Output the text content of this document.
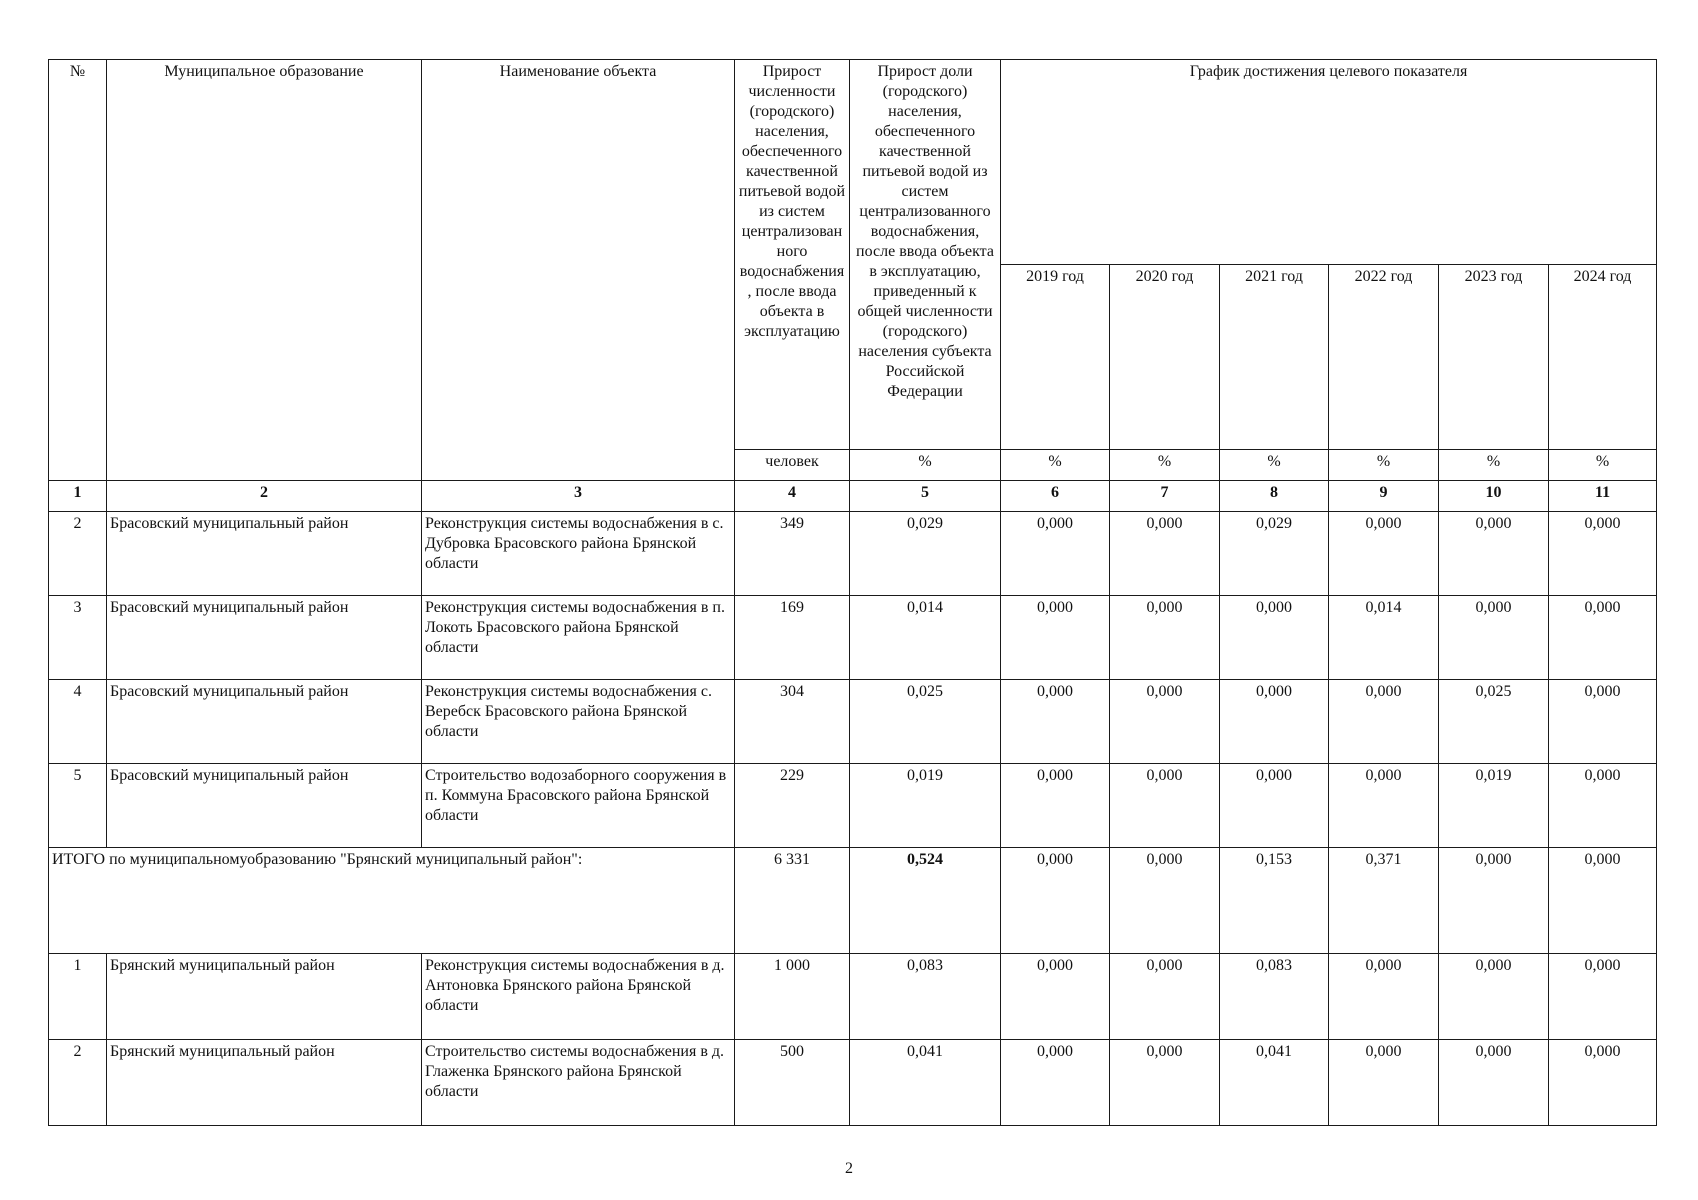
№	Муниципальное образование	Наименование объекта	Прирост численности (городского) населения, обеспеченного качественной питьевой водой из систем централизован ного водоснабжения , после ввода объекта в эксплуатацию	Прирост доли (городского) населения, обеспеченного качественной питьевой водой из систем централизованного водоснабжения, после ввода объекта в эксплуатацию, приведенный к общей численности (городского) населения субъекта Российской Федерации	График достижения целевого показателя					
					2019 год	2020 год	2021 год	2022 год	2023 год	2024 год
			человек	%	%	%	%	%	%	%
1	2	3	4	5	6	7	8	9	10	11
2	Брасовский муниципальный район	Реконструкция системы водоснабжения в с. Дубровка Брасовского района Брянской области	349	0,029	0,000	0,000	0,029	0,000	0,000	0,000
3	Брасовский муниципальный район	Реконструкция системы водоснабжения в п. Локоть Брасовского района Брянской области	169	0,014	0,000	0,000	0,000	0,014	0,000	0,000
4	Брасовский муниципальный район	Реконструкция системы водоснабжения с. Веребск Брасовского района Брянской области	304	0,025	0,000	0,000	0,000	0,000	0,025	0,000
5	Брасовский муниципальный район	Строительство водозаборного сооружения в п. Коммуна Брасовского района Брянской области	229	0,019	0,000	0,000	0,000	0,000	0,019	0,000
ИТОГО по муниципальномуобразованию "Брянский муниципальный район":			6 331	0,524	0,000	0,000	0,153	0,371	0,000	0,000
1	Брянский муниципальный район	Реконструкция системы водоснабжения в д. Антоновка Брянского района Брянской области	1 000	0,083	0,000	0,000	0,083	0,000	0,000	0,000
2	Брянский муниципальный район	Строительство системы водоснабжения в д. Глаженка Брянского района Брянской области	500	0,041	0,000	0,000	0,041	0,000	0,000	0,000
2
